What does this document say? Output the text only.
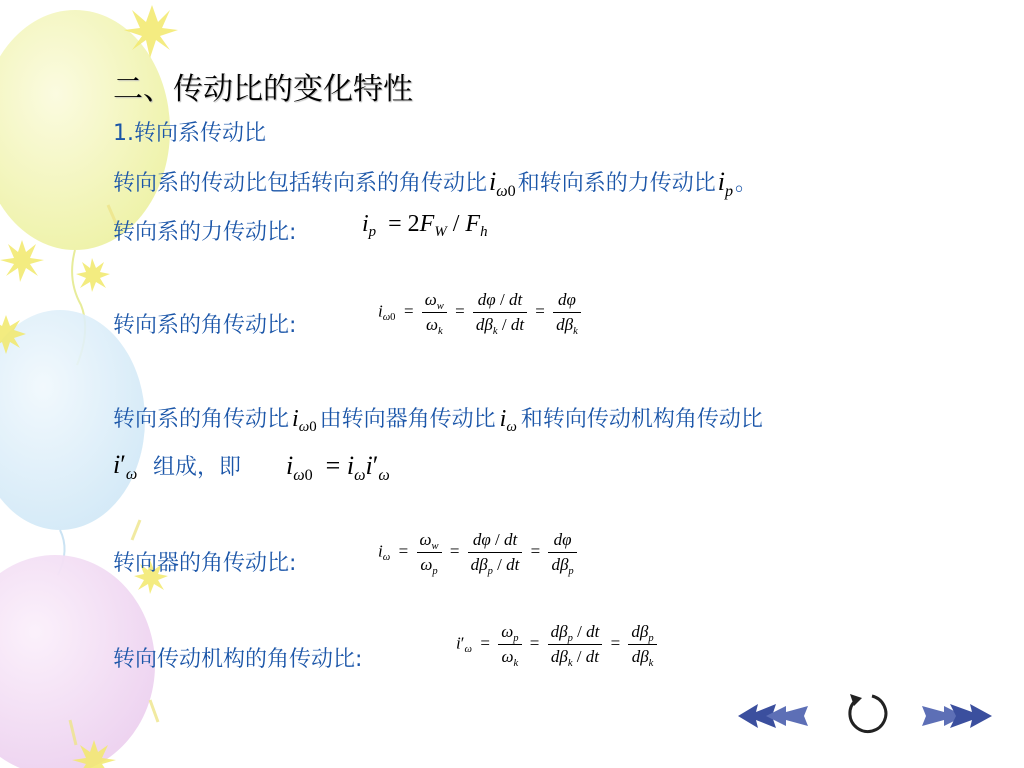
二、传动比的变化特性
1.转向系传动比
转向系的传动比包括转向系的角传动比$i_{\omega 0}$和转向系的力传动比$i_p$。
转向系的力传动比:	$i_p = 2F_W / F_h$
转向系的角传动比:
$i_{\omega 0} = \frac{\omega_w}{\omega_k} = \frac{d\varphi / dt}{d\beta_k / dt} = \frac{d\varphi}{d\beta_k}$
转向系的角传动比 $i_{\omega 0}$ 由转向器角传动比 $i_\omega$ 和转向传动机构角传动比
$i'_\omega$ 组成，即 $i_{\omega 0} = i_\omega i'_\omega$
转向器的角传动比:
$i_\omega = \frac{\omega_w}{\omega_p} = \frac{d\varphi / dt}{d\beta_p / dt} = \frac{d\varphi}{d\beta_p}$
转向传动机构的角传动比:
$i'_\omega = \frac{\omega_p}{\omega_k} = \frac{d\beta_p / dt}{d\beta_k / dt} = \frac{d\beta_p}{d\beta_k}$
